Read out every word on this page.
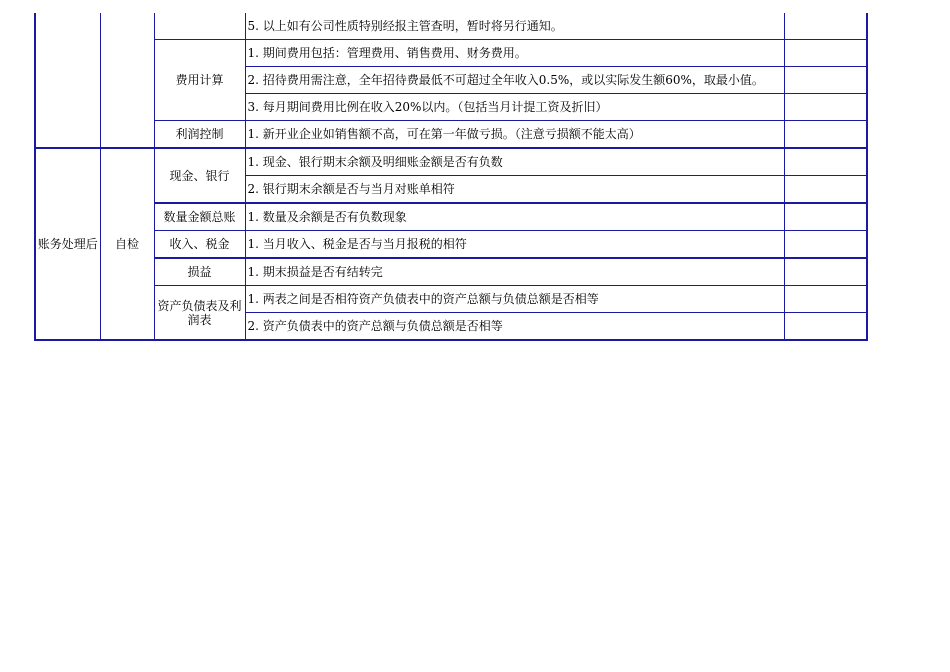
			5. 以上如有公司性质特别经报主管查明，暂时将另行通知。	
		费用计算	1. 期间费用包括：管理费用、销售费用、财务费用。	
			2. 招待费用需注意，全年招待费最低不可超过全年收入0.5%，或以实际发生额60%，取最小值。	
			3. 每月期间费用比例在收入20%以内。（包括当月计提工资及折旧）	
		利润控制	1. 新开业企业如销售额不高，可在第一年做亏损。（注意亏损额不能太高）	
账务处理后	自检	现金、银行	1. 现金、银行期末余额及明细账金额是否有负数	
			2. 银行期末余额是否与当月对账单相符	
		数量金额总账	1. 数量及余额是否有负数现象	
		收入、税金	1. 当月收入、税金是否与当月报税的相符	
		损益	1. 期末损益是否有结转完	
		资产负债表及利润表	1. 两表之间是否相符资产负债表中的资产总额与负债总额是否相等	
			2. 资产负债表中的资产总额与负债总额是否相等	
